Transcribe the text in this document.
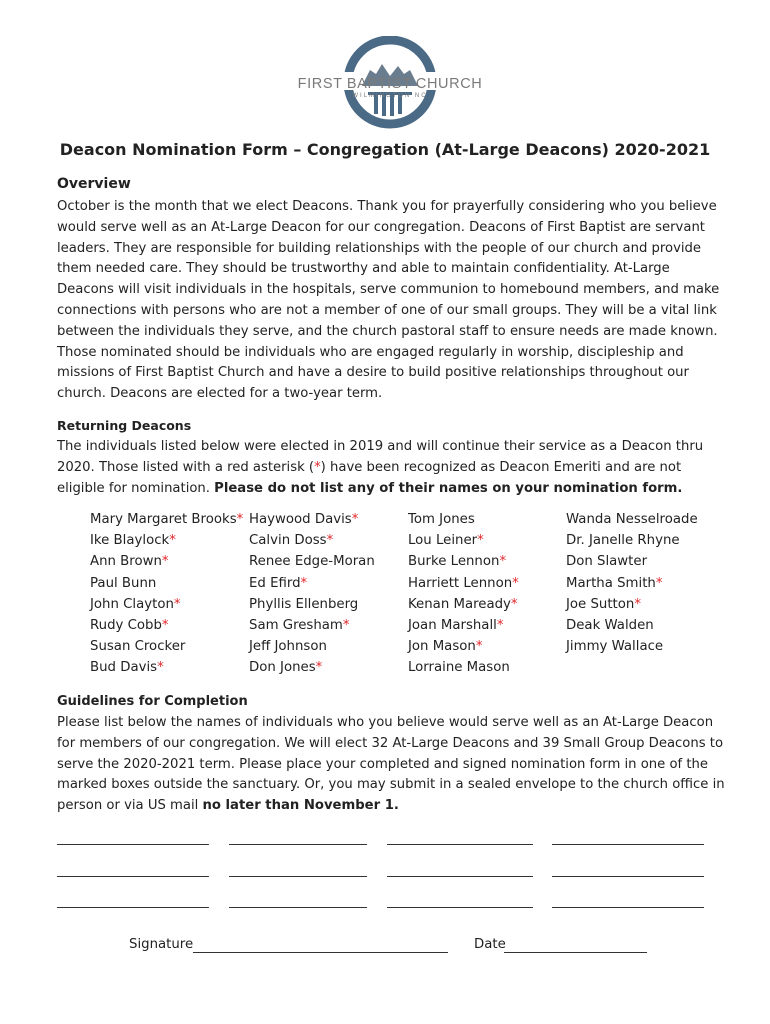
FIRST BAPTIST CHURCH
WILMINGTON NC
Deacon Nomination Form – Congregation (At-Large Deacons) 2020-2021
Overview
October is the month that we elect Deacons. Thank you for prayerfully considering who you believe would serve well as an At-Large Deacon for our congregation. Deacons of First Baptist are servant leaders. They are responsible for building relationships with the people of our church and provide them needed care. They should be trustworthy and able to maintain confidentiality. At-Large Deacons will visit individuals in the hospitals, serve communion to homebound members, and make connections with persons who are not a member of one of our small groups. They will be a vital link between the individuals they serve, and the church pastoral staff to ensure needs are made known. Those nominated should be individuals who are engaged regularly in worship, discipleship and missions of First Baptist Church and have a desire to build positive relationships throughout our church. Deacons are elected for a two-year term.
Returning Deacons
The individuals listed below were elected in 2019 and will continue their service as a Deacon thru 2020. Those listed with a red asterisk (*) have been recognized as Deacon Emeriti and are not eligible for nomination. Please do not list any of their names on your nomination form.
Mary Margaret Brooks*
Ike Blaylock*
Ann Brown*
Paul Bunn
John Clayton*
Rudy Cobb*
Susan Crocker
Bud Davis*
Haywood Davis*
Calvin Doss*
Renee Edge-Moran
Ed Efird*
Phyllis Ellenberg
Sam Gresham*
Jeff Johnson
Don Jones*
Tom Jones
Lou Leiner*
Burke Lennon*
Harriett Lennon*
Kenan Maready*
Joan Marshall*
Jon Mason*
Lorraine Mason
Wanda Nesselroade
Dr. Janelle Rhyne
Don Slawter
Martha Smith*
Joe Sutton*
Deak Walden
Jimmy Wallace
Guidelines for Completion
Please list below the names of individuals who you believe would serve well as an At-Large Deacon for members of our congregation. We will elect 32 At-Large Deacons and 39 Small Group Deacons to serve the 2020-2021 term. Please place your completed and signed nomination form in one of the marked boxes outside the sanctuary. Or, you may submit in a sealed envelope to the church office in person or via US mail no later than November 1.
Signature	Date
